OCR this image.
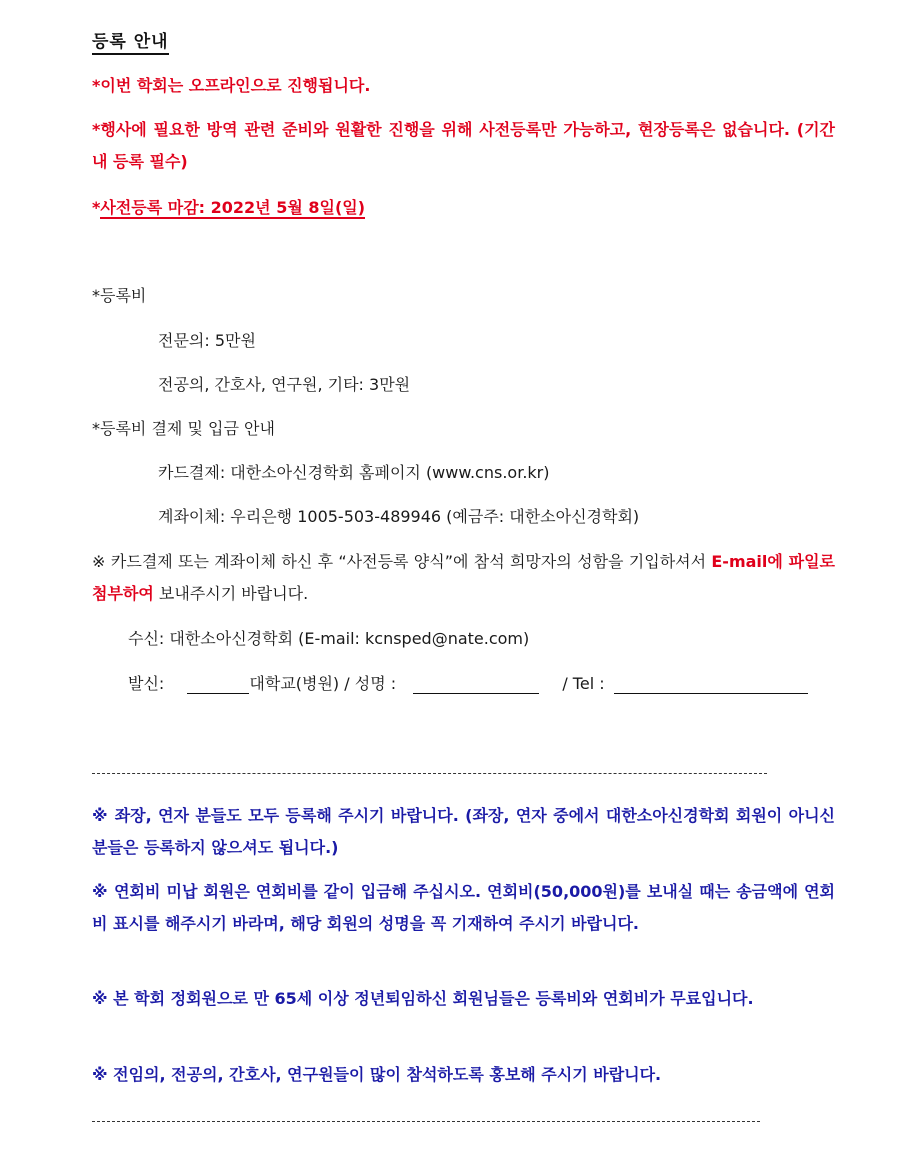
등록 안내
*이번 학회는 오프라인으로 진행됩니다.
*행사에 필요한 방역 관련 준비와 원활한 진행을 위해 사전등록만 가능하고, 현장등록은 없습니다. (기간 내 등록 필수)
*사전등록 마감: 2022년 5월 8일(일)
*등록비
전문의: 5만원
전공의, 간호사, 연구원, 기타: 3만원
*등록비 결제 및 입금 안내
카드결제: 대한소아신경학회 홈페이지 (www.cns.or.kr)
계좌이체: 우리은행 1005-503-489946 (예금주: 대한소아신경학회)
※ 카드결제 또는 계좌이체 하신 후 “사전등록 양식”에 참석 희망자의 성함을 기입하셔서 E-mail에 파일로 첨부하여 보내주시기 바랍니다.
수신: 대한소아신경학회 (E-mail: kcnsped@nate.com)
발신:	대학교(병원) / 성명 :	/ Tel :
※ 좌장, 연자 분들도 모두 등록해 주시기 바랍니다. (좌장, 연자 중에서 대한소아신경학회 회원이 아니신 분들은 등록하지 않으셔도 됩니다.)
※ 연회비 미납 회원은 연회비를 같이 입금해 주십시오. 연회비(50,000원)를 보내실 때는 송금액에 연회비 표시를 해주시기 바라며, 해당 회원의 성명을 꼭 기재하여 주시기 바랍니다.
※ 본 학회 정회원으로 만 65세 이상 정년퇴임하신 회원님들은 등록비와 연회비가 무료입니다.
※ 전임의, 전공의, 간호사, 연구원들이 많이 참석하도록 홍보해 주시기 바랍니다.
